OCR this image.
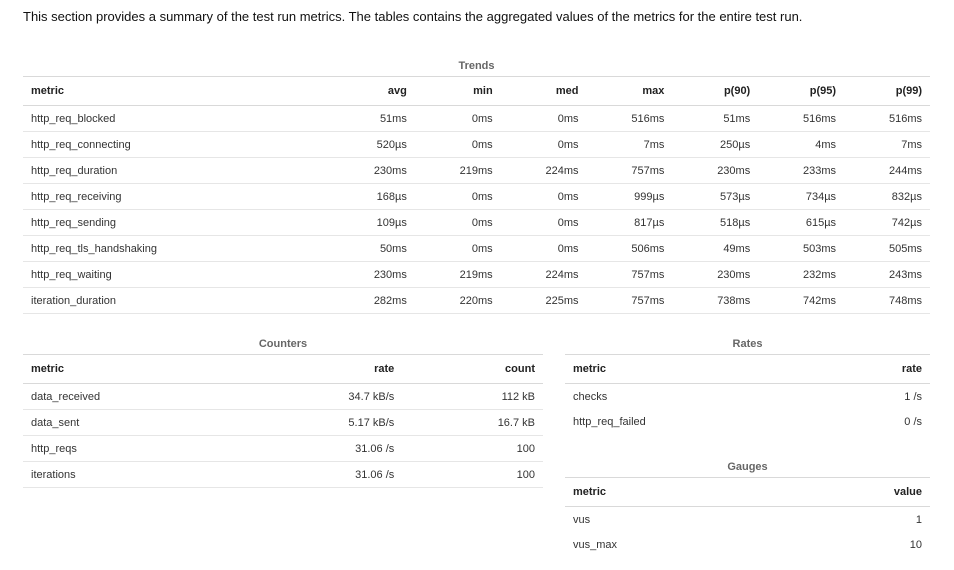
This section provides a summary of the test run metrics. The tables contains the aggregated values of the metrics for the entire test run.
Trends
metric	avg	min	med	max	p(90)	p(95)	p(99)
http_req_blocked	51ms	0ms	0ms	516ms	51ms	516ms	516ms
http_req_connecting	520µs	0ms	0ms	7ms	250µs	4ms	7ms
http_req_duration	230ms	219ms	224ms	757ms	230ms	233ms	244ms
http_req_receiving	168µs	0ms	0ms	999µs	573µs	734µs	832µs
http_req_sending	109µs	0ms	0ms	817µs	518µs	615µs	742µs
http_req_tls_handshaking	50ms	0ms	0ms	506ms	49ms	503ms	505ms
http_req_waiting	230ms	219ms	224ms	757ms	230ms	232ms	243ms
iteration_duration	282ms	220ms	225ms	757ms	738ms	742ms	748ms
Counters
metric	rate	count
data_received	34.7 kB/s	112 kB
data_sent	5.17 kB/s	16.7 kB
http_reqs	31.06 /s	100
iterations	31.06 /s	100
Rates
metric	rate
checks	1 /s
http_req_failed	0 /s
Gauges
metric	value
vus	1
vus_max	10
